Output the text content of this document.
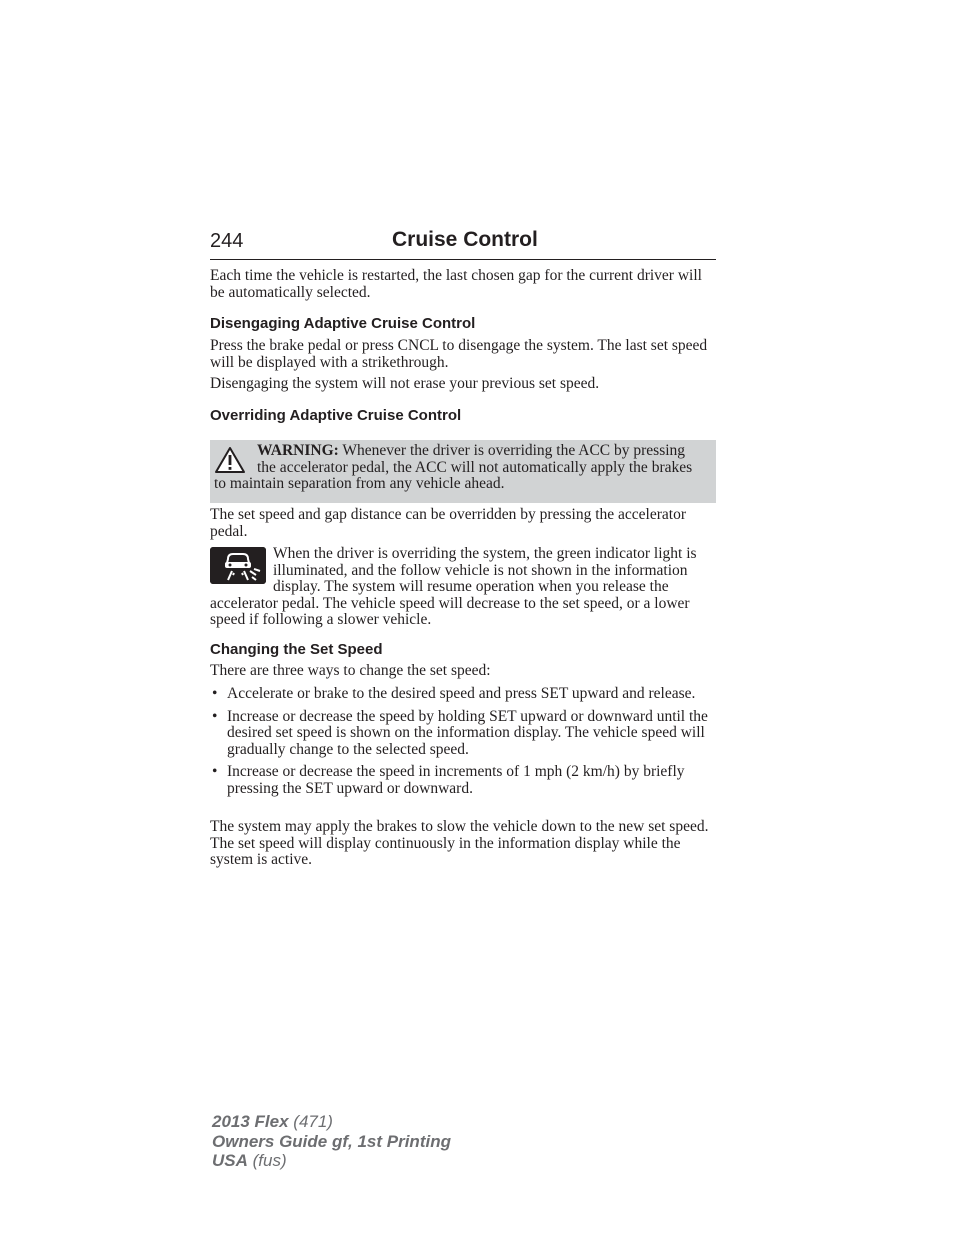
244	Cruise Control

Each time the vehicle is restarted, the last chosen gap for the current driver will be automatically selected.

Disengaging Adaptive Cruise Control

Press the brake pedal or press CNCL to disengage the system. The last set speed will be displayed with a strikethrough.

Disengaging the system will not erase your previous set speed.

Overriding Adaptive Cruise Control

WARNING: Whenever the driver is overriding the ACC by pressing the accelerator pedal, the ACC will not automatically apply the brakes to maintain separation from any vehicle ahead.

The set speed and gap distance can be overridden by pressing the accelerator pedal.

When the driver is overriding the system, the green indicator light is illuminated, and the follow vehicle is not shown in the information display. The system will resume operation when you release the accelerator pedal. The vehicle speed will decrease to the set speed, or a lower speed if following a slower vehicle.

Changing the Set Speed

There are three ways to change the set speed:

• Accelerate or brake to the desired speed and press SET upward and release.
• Increase or decrease the speed by holding SET upward or downward until the desired set speed is shown on the information display. The vehicle speed will gradually change to the selected speed.
• Increase or decrease the speed in increments of 1 mph (2 km/h) by briefly pressing the SET upward or downward.

The system may apply the brakes to slow the vehicle down to the new set speed. The set speed will display continuously in the information display while the system is active.

2013 Flex (471)
Owners Guide gf, 1st Printing
USA (fus)
